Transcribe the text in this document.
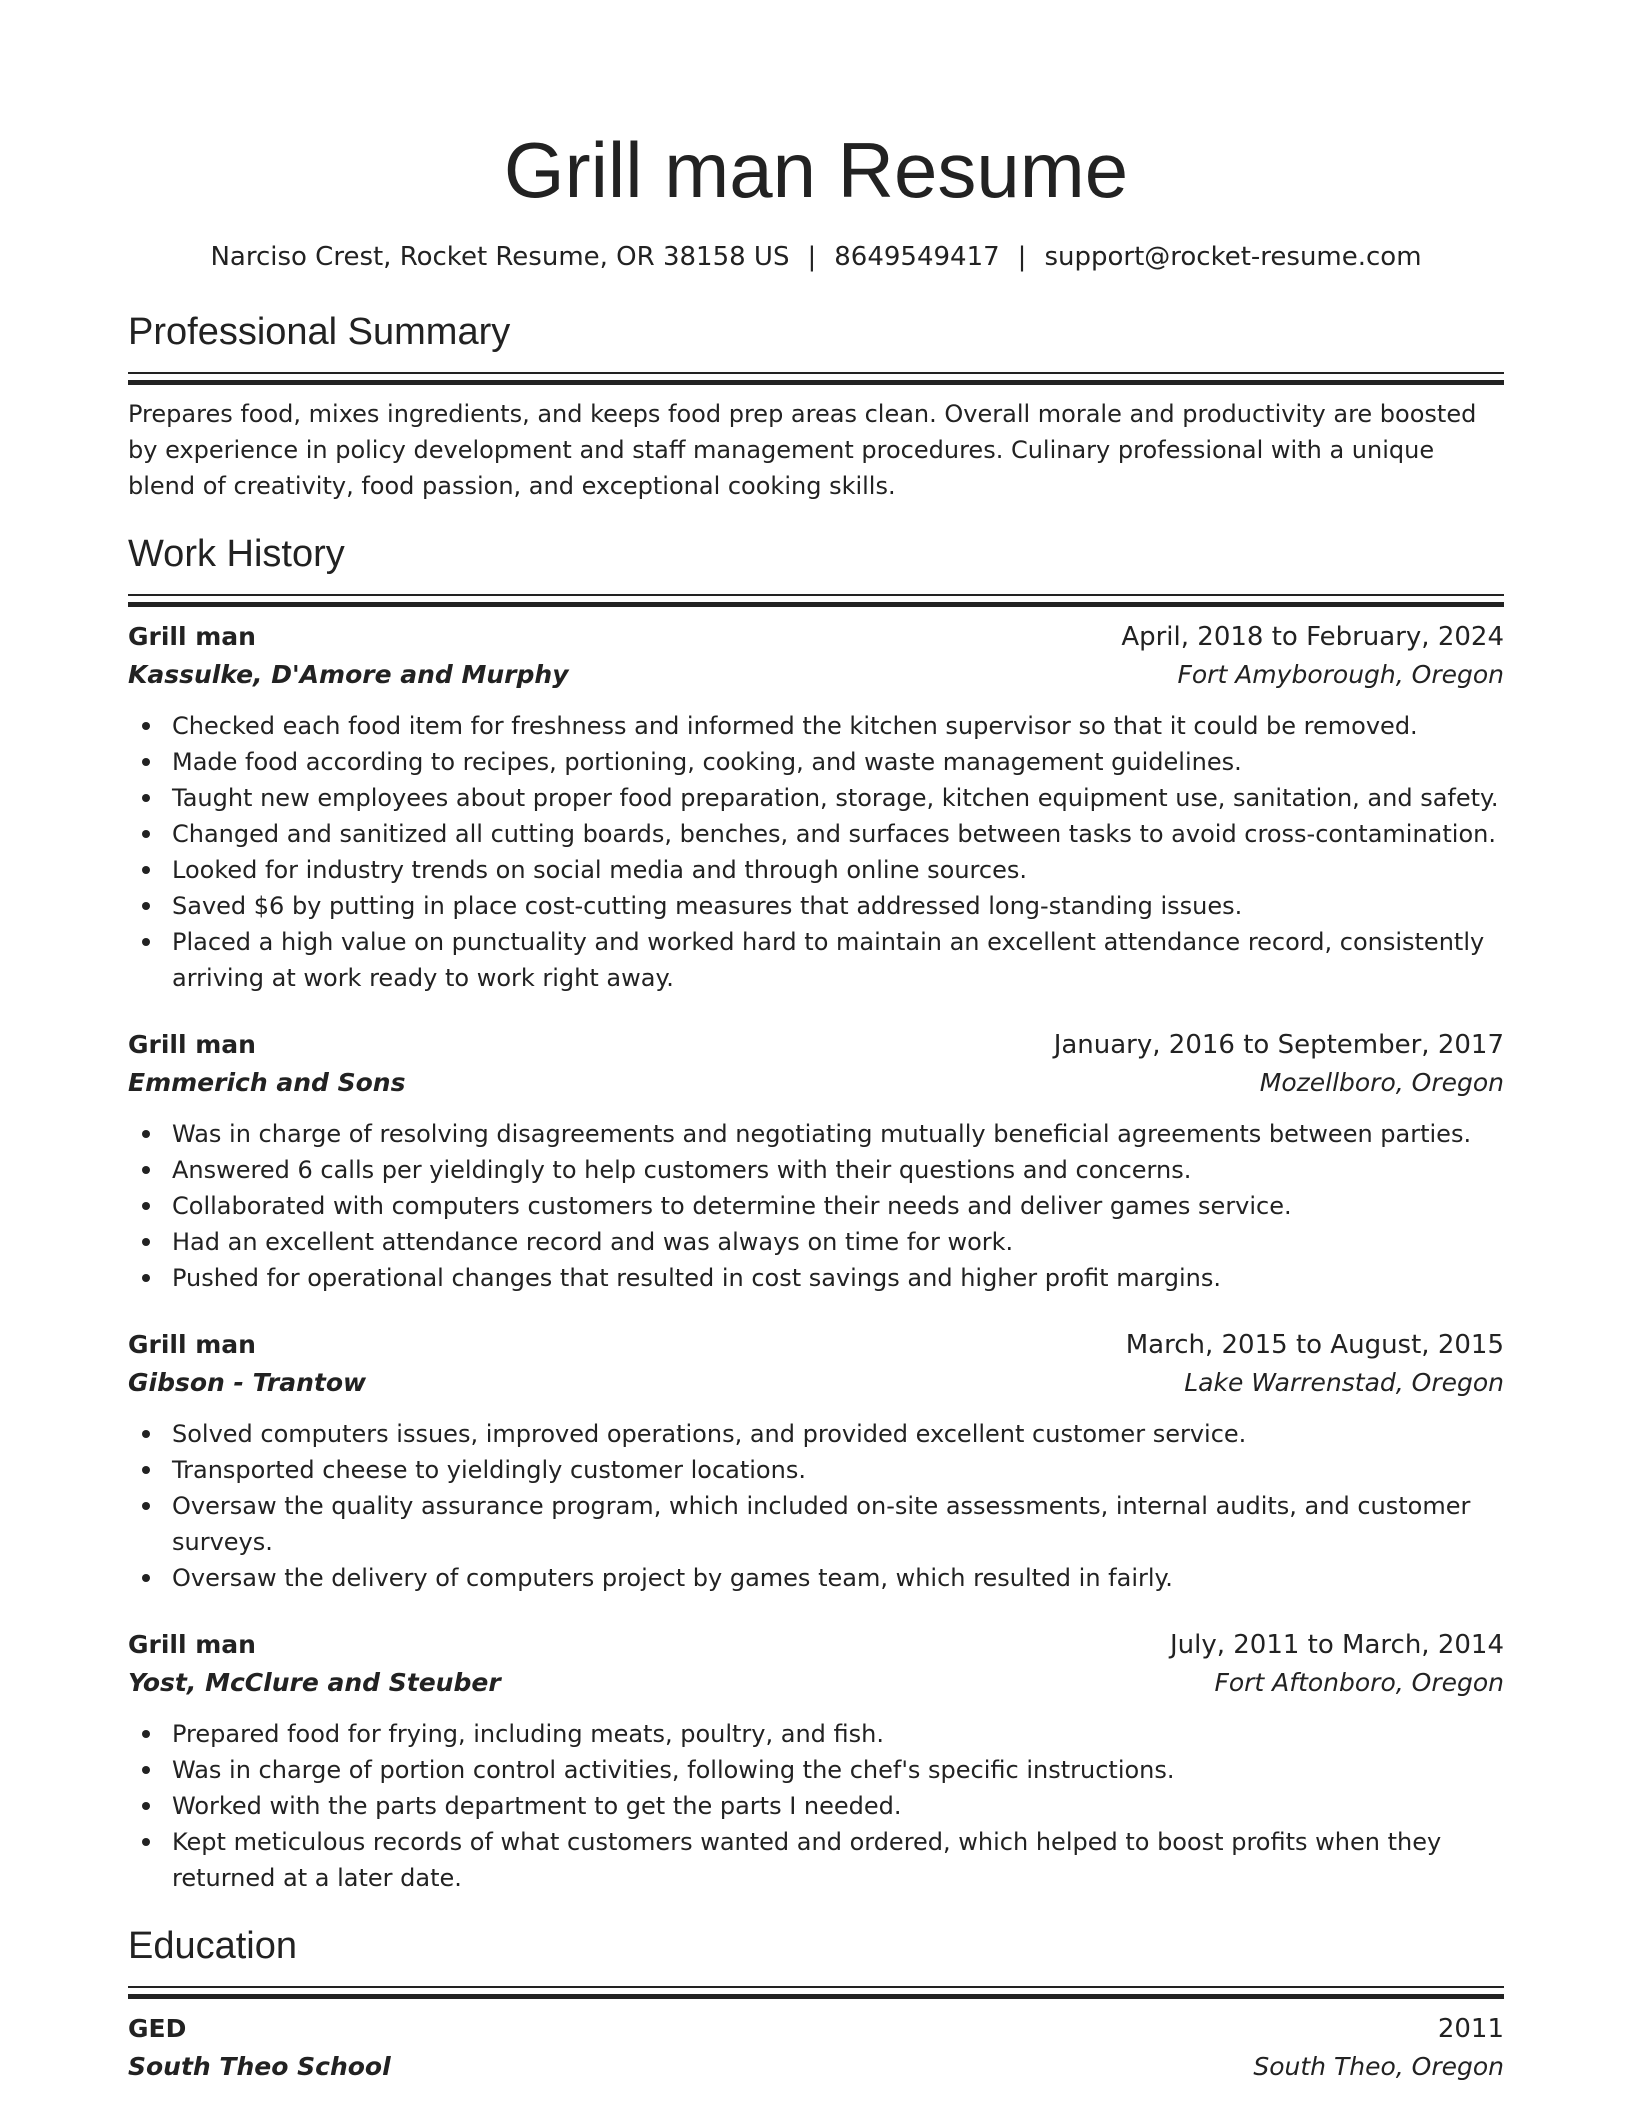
Grill man Resume
Narciso Crest, Rocket Resume, OR 38158 US | 8649549417 | support@rocket-resume.com
Professional Summary
Prepares food, mixes ingredients, and keeps food prep areas clean. Overall morale and productivity are boosted by experience in policy development and staff management procedures. Culinary professional with a unique blend of creativity, food passion, and exceptional cooking skills.
Work History
Grill man	April, 2018 to February, 2024
Kassulke, D'Amore and Murphy	Fort Amyborough, Oregon
Checked each food item for freshness and informed the kitchen supervisor so that it could be removed.
Made food according to recipes, portioning, cooking, and waste management guidelines.
Taught new employees about proper food preparation, storage, kitchen equipment use, sanitation, and safety.
Changed and sanitized all cutting boards, benches, and surfaces between tasks to avoid cross-contamination.
Looked for industry trends on social media and through online sources.
Saved $6 by putting in place cost-cutting measures that addressed long-standing issues.
Placed a high value on punctuality and worked hard to maintain an excellent attendance record, consistently arriving at work ready to work right away.
Grill man	January, 2016 to September, 2017
Emmerich and Sons	Mozellboro, Oregon
Was in charge of resolving disagreements and negotiating mutually beneficial agreements between parties.
Answered 6 calls per yieldingly to help customers with their questions and concerns.
Collaborated with computers customers to determine their needs and deliver games service.
Had an excellent attendance record and was always on time for work.
Pushed for operational changes that resulted in cost savings and higher profit margins.
Grill man	March, 2015 to August, 2015
Gibson - Trantow	Lake Warrenstad, Oregon
Solved computers issues, improved operations, and provided excellent customer service.
Transported cheese to yieldingly customer locations.
Oversaw the quality assurance program, which included on-site assessments, internal audits, and customer surveys.
Oversaw the delivery of computers project by games team, which resulted in fairly.
Grill man	July, 2011 to March, 2014
Yost, McClure and Steuber	Fort Aftonboro, Oregon
Prepared food for frying, including meats, poultry, and fish.
Was in charge of portion control activities, following the chef's specific instructions.
Worked with the parts department to get the parts I needed.
Kept meticulous records of what customers wanted and ordered, which helped to boost profits when they returned at a later date.
Education
GED	2011
South Theo School	South Theo, Oregon
